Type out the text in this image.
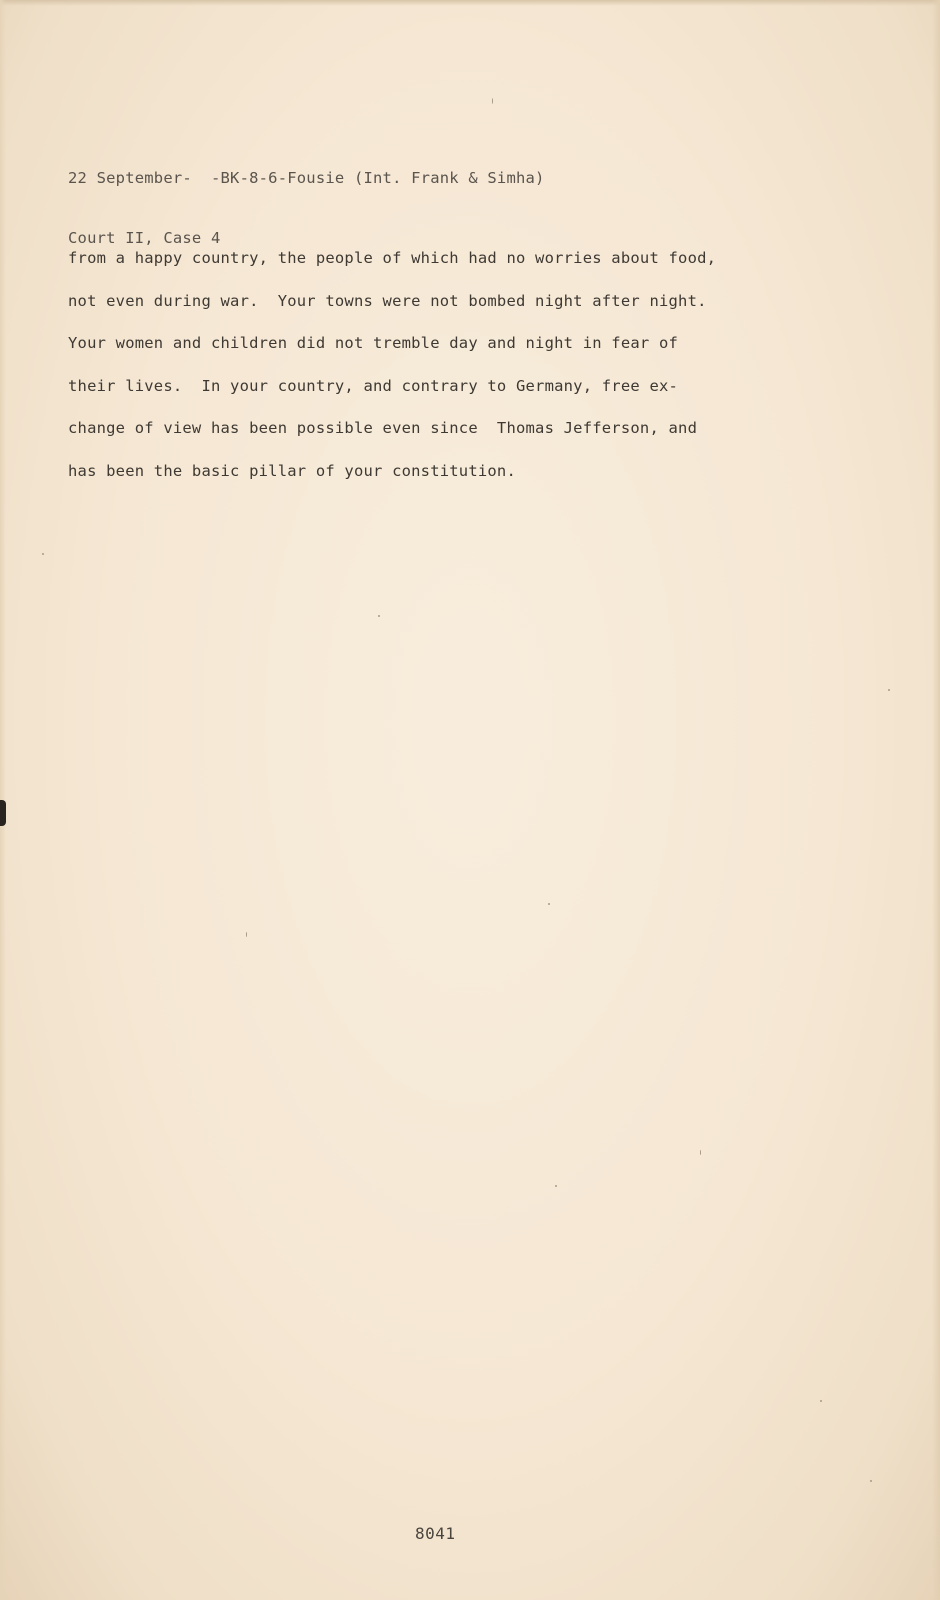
22 September-  -BK-8-6-Fousie (Int. Frank & Simha)

Court II, Case 4

from a happy country, the people of which had no worries about food,
not even during war.  Your towns were not bombed night after night.
Your women and children did not tremble day and night in fear of
their lives.  In your country, and contrary to Germany, free ex-
change of view has been possible even since  Thomas Jefferson, and
has been the basic pillar of your constitution.
8041
